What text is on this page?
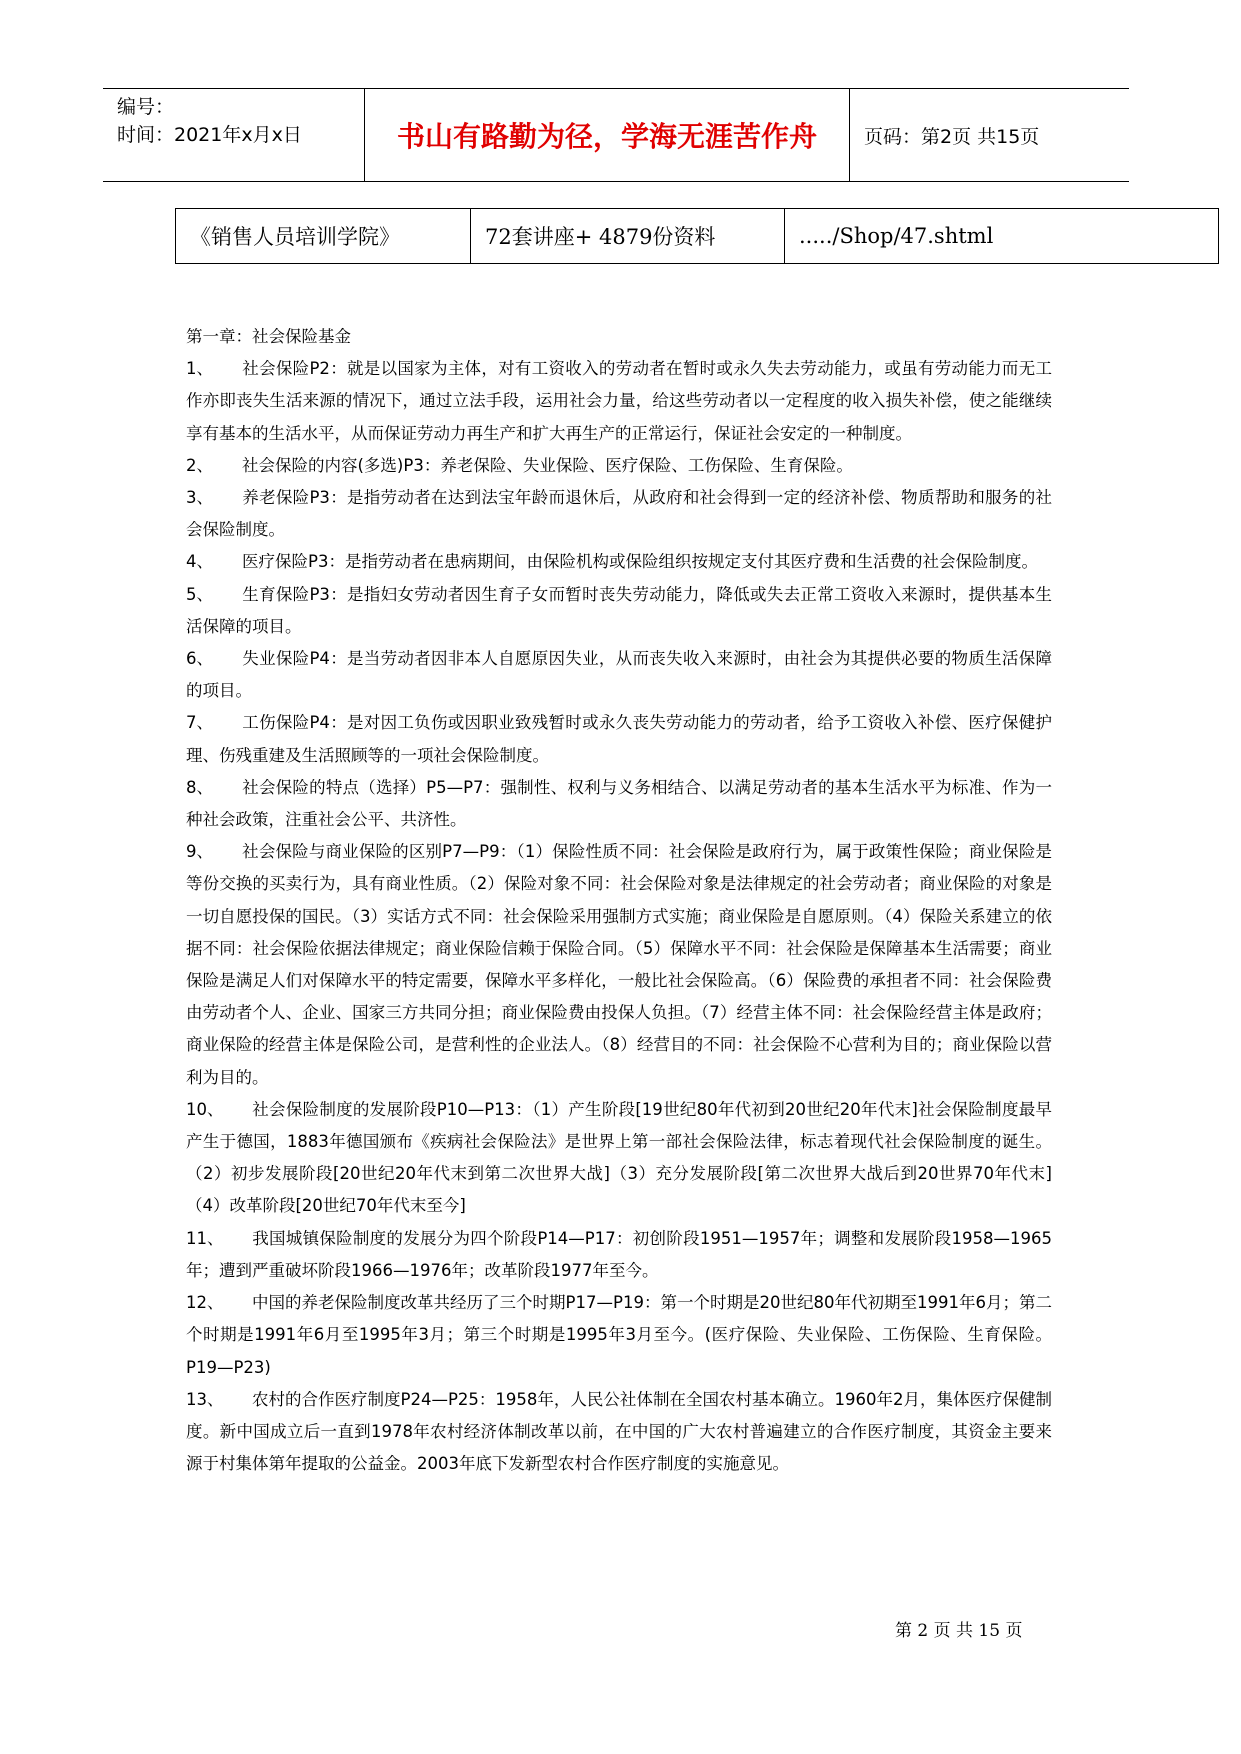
编号：
时间：2021年x月x日	书山有路勤为径，学海无涯苦作舟	页码：第2页 共15页
《销售人员培训学院》	72套讲座+ 4879份资料	...../Shop/47.shtml

第一章：社会保险基金

1、 社会保险P2：就是以国家为主体，对有工资收入的劳动者在暂时或永久失去劳动能力，或虽有劳动能力而无工作亦即丧失生活来源的情况下，通过立法手段，运用社会力量，给这些劳动者以一定程度的收入损失补偿，使之能继续享有基本的生活水平，从而保证劳动力再生产和扩大再生产的正常运行，保证社会安定的一种制度。

2、 社会保险的内容(多选)P3：养老保险、失业保险、医疗保险、工伤保险、生育保险。

3、 养老保险P3：是指劳动者在达到法宝年龄而退休后，从政府和社会得到一定的经济补偿、物质帮助和服务的社会保险制度。

4、 医疗保险P3：是指劳动者在患病期间，由保险机构或保险组织按规定支付其医疗费和生活费的社会保险制度。

5、 生育保险P3：是指妇女劳动者因生育子女而暂时丧失劳动能力，降低或失去正常工资收入来源时，提供基本生活保障的项目。

6、 失业保险P4：是当劳动者因非本人自愿原因失业，从而丧失收入来源时，由社会为其提供必要的物质生活保障的项目。

7、 工伤保险P4：是对因工负伤或因职业致残暂时或永久丧失劳动能力的劳动者，给予工资收入补偿、医疗保健护理、伤残重建及生活照顾等的一项社会保险制度。

8、 社会保险的特点（选择）P5—P7：强制性、权利与义务相结合、以满足劳动者的基本生活水平为标准、作为一种社会政策，注重社会公平、共济性。

9、 社会保险与商业保险的区别P7—P9：（1）保险性质不同：社会保险是政府行为，属于政策性保险；商业保险是等份交换的买卖行为，具有商业性质。（2）保险对象不同：社会保险对象是法律规定的社会劳动者；商业保险的对象是一切自愿投保的国民。（3）实话方式不同：社会保险采用强制方式实施；商业保险是自愿原则。（4）保险关系建立的依据不同：社会保险依据法律规定；商业保险信赖于保险合同。（5）保障水平不同：社会保险是保障基本生活需要；商业保险是满足人们对保障水平的特定需要，保障水平多样化，一般比社会保险高。（6）保险费的承担者不同：社会保险费由劳动者个人、企业、国家三方共同分担；商业保险费由投保人负担。（7）经营主体不同：社会保险经营主体是政府；商业保险的经营主体是保险公司，是营利性的企业法人。（8）经营目的不同：社会保险不心营利为目的；商业保险以营利为目的。

10、 社会保险制度的发展阶段P10—P13：（1）产生阶段[19世纪80年代初到20世纪20年代末]社会保险制度最早产生于德国，1883年德国颁布《疾病社会保险法》是世界上第一部社会保险法律，标志着现代社会保险制度的诞生。（2）初步发展阶段[20世纪20年代末到第二次世界大战]（3）充分发展阶段[第二次世界大战后到20世界70年代末]（4）改革阶段[20世纪70年代末至今]

11、 我国城镇保险制度的发展分为四个阶段P14—P17：初创阶段1951—1957年；调整和发展阶段1958—1965年；遭到严重破坏阶段1966—1976年；改革阶段1977年至今。

12、 中国的养老保险制度改革共经历了三个时期P17—P19：第一个时期是20世纪80年代初期至1991年6月；第二个时期是1991年6月至1995年3月；第三个时期是1995年3月至今。(医疗保险、失业保险、工伤保险、生育保险。P19—P23)

13、 农村的合作医疗制度P24—P25：1958年，人民公社体制在全国农村基本确立。1960年2月，集体医疗保健制度。新中国成立后一直到1978年农村经济体制改革以前，在中国的广大农村普遍建立的合作医疗制度，其资金主要来源于村集体第年提取的公益金。2003年底下发新型农村合作医疗制度的实施意见。

第 2 页 共 15 页
